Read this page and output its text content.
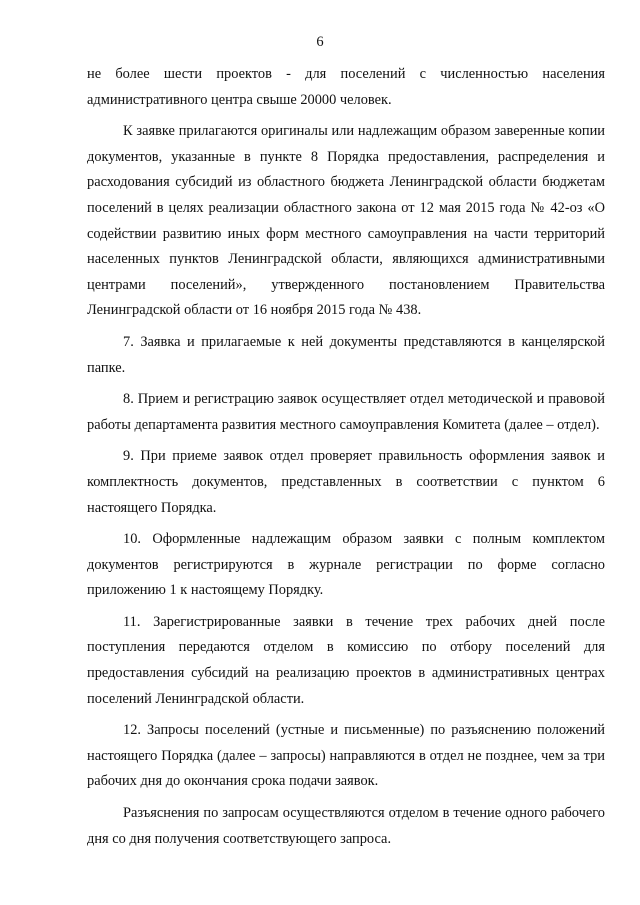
6

не более шести проектов - для поселений с численностью населения административного центра свыше 20000 человек.

К заявке прилагаются оригиналы или надлежащим образом заверенные копии документов, указанные в пункте 8 Порядка предоставления, распределения и расходования субсидий из областного бюджета Ленинградской области бюджетам поселений в целях реализации областного закона от 12 мая 2015 года № 42-оз «О содействии развитию иных форм местного самоуправления на части территорий населенных пунктов Ленинградской области, являющихся административными центрами поселений», утвержденного постановлением Правительства Ленинградской области от 16 ноября 2015 года № 438.

7. Заявка и прилагаемые к ней документы представляются в канцелярской папке.

8. Прием и регистрацию заявок осуществляет отдел методической и правовой работы департамента развития местного самоуправления Комитета (далее – отдел).

9. При приеме заявок отдел проверяет правильность оформления заявок и комплектность документов, представленных в соответствии с пунктом 6 настоящего Порядка.

10. Оформленные надлежащим образом заявки с полным комплектом документов регистрируются в журнале регистрации по форме согласно приложению 1 к настоящему Порядку.

11. Зарегистрированные заявки в течение трех рабочих дней после поступления передаются отделом в комиссию по отбору поселений для предоставления субсидий на реализацию проектов в административных центрах поселений Ленинградской области.

12. Запросы поселений (устные и письменные) по разъяснению положений настоящего Порядка (далее – запросы) направляются в отдел не позднее, чем за три рабочих дня до окончания срока подачи заявок.

Разъяснения по запросам осуществляются отделом в течение одного рабочего дня со дня получения соответствующего запроса.
